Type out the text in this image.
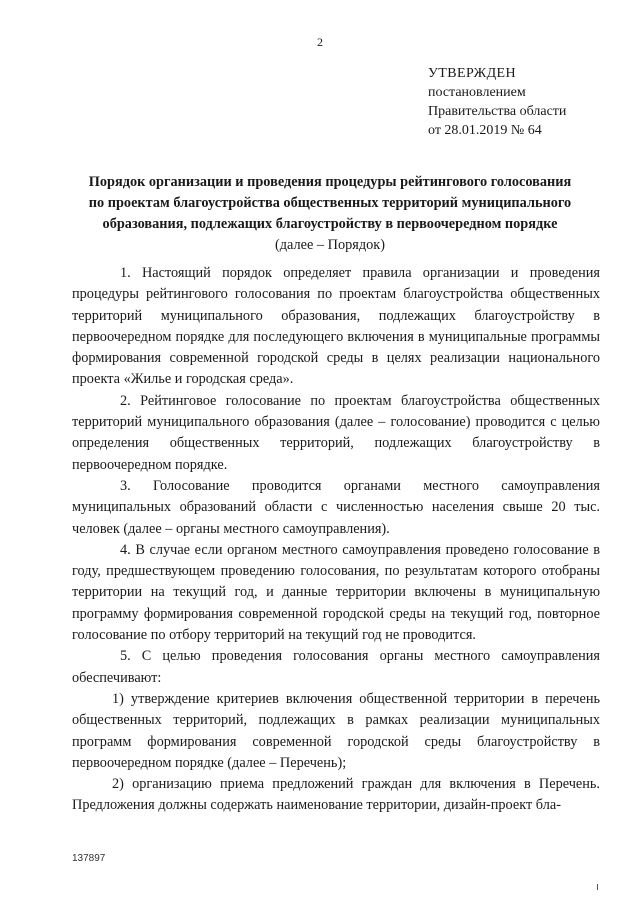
2
УТВЕРЖДЕН
постановлением
Правительства области
от 28.01.2019 № 64
Порядок организации и проведения процедуры рейтингового голосования
по проектам благоустройства общественных территорий муниципального
образования, подлежащих благоустройству в первоочередном порядке
(далее – Порядок)

1. Настоящий порядок определяет правила организации и проведения процедуры рейтингового голосования по проектам благоустройства общественных территорий муниципального образования, подлежащих благоустройству в первоочередном порядке для последующего включения в муниципальные программы формирования современной городской среды в целях реализации национального проекта «Жилье и городская среда».

2. Рейтинговое голосование по проектам благоустройства общественных территорий муниципального образования (далее – голосование) проводится с целью определения общественных территорий, подлежащих благоустройству в первоочередном порядке.

3. Голосование проводится органами местного самоуправления муниципальных образований области с численностью населения свыше 20 тыс. человек (далее – органы местного самоуправления).

4. В случае если органом местного самоуправления проведено голосование в году, предшествующем проведению голосования, по результатам которого отобраны территории на текущий год, и данные территории включены в муниципальную программу формирования современной городской среды на текущий год, повторное голосование по отбору территорий на текущий год не проводится.

5. С целью проведения голосования органы местного самоуправления обеспечивают:

1) утверждение критериев включения общественной территории в перечень общественных территорий, подлежащих в рамках реализации муниципальных программ формирования современной городской среды благоустройству в первоочередном порядке (далее – Перечень);

2) организацию приема предложений граждан для включения в Перечень. Предложения должны содержать наименование территории, дизайн-проект бла-

137897
